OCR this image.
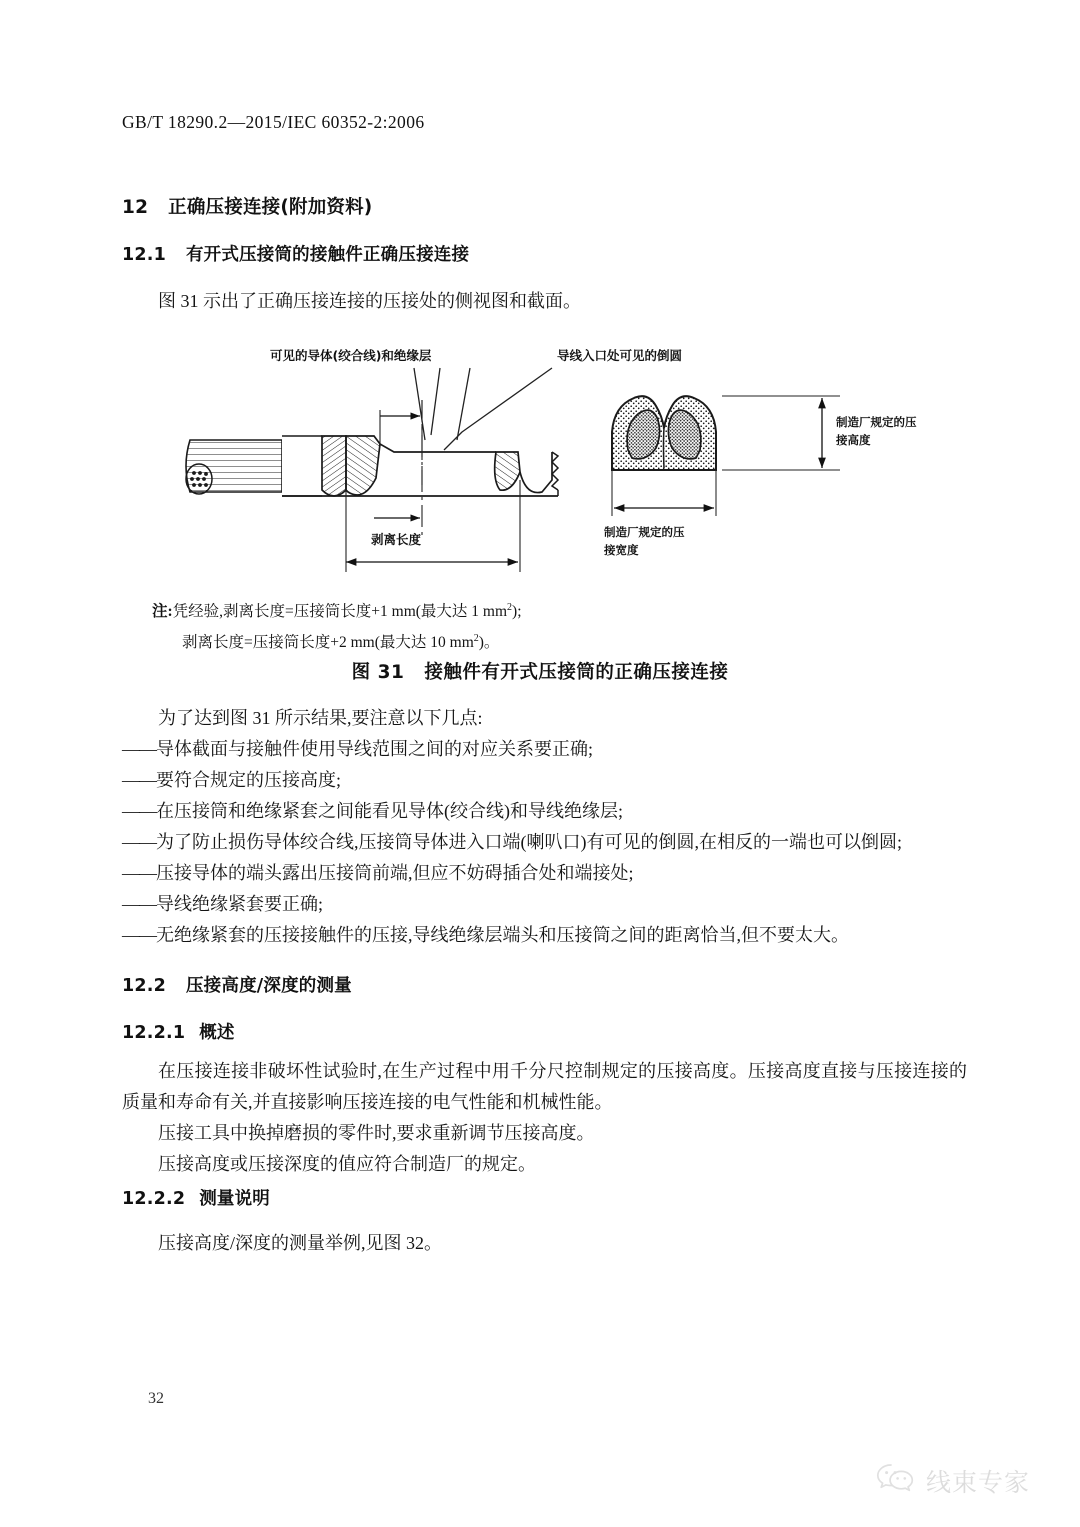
GB/T 18290.2—2015/IEC 60352-2:2006
12 正确压接连接(附加资料)
12.1 有开式压接筒的接触件正确压接连接

图 31 示出了正确压接连接的压接处的侧视图和截面。

可见的导体(绞合线)和绝缘层	导线入口处可见的倒圆
剥离长度
制造厂规定的压
接高度
制造厂规定的压
接宽度
注:凭经验,剥离长度=压接筒长度+1 mm(最大达 1 $mm^2$);
剥离长度=压接筒长度+2 mm(最大达 10 $mm^2$)。
图 31 接触件有开式压接筒的正确压接连接

为了达到图 31 所示结果,要注意以下几点:

——导体截面与接触件使用导线范围之间的对应关系要正确;

——要符合规定的压接高度;

——在压接筒和绝缘紧套之间能看见导体(绞合线)和导线绝缘层;

——为了防止损伤导体绞合线,压接筒导体进入口端(喇叭口)有可见的倒圆,在相反的一端也可以倒圆;

——压接导体的端头露出压接筒前端,但应不妨碍插合处和端接处;

——导线绝缘紧套要正确;

——无绝缘紧套的压接接触件的压接,导线绝缘层端头和压接筒之间的距离恰当,但不要太大。

12.2 压接高度/深度的测量
12.2.1 概述

在压接连接非破坏性试验时,在生产过程中用千分尺控制规定的压接高度。压接高度直接与压接连接的质量和寿命有关,并直接影响压接连接的电气性能和机械性能。

压接工具中换掉磨损的零件时,要求重新调节压接高度。

压接高度或压接深度的值应符合制造厂的规定。

12.2.2 测量说明

压接高度/深度的测量举例,见图 32。

32
线束专家
